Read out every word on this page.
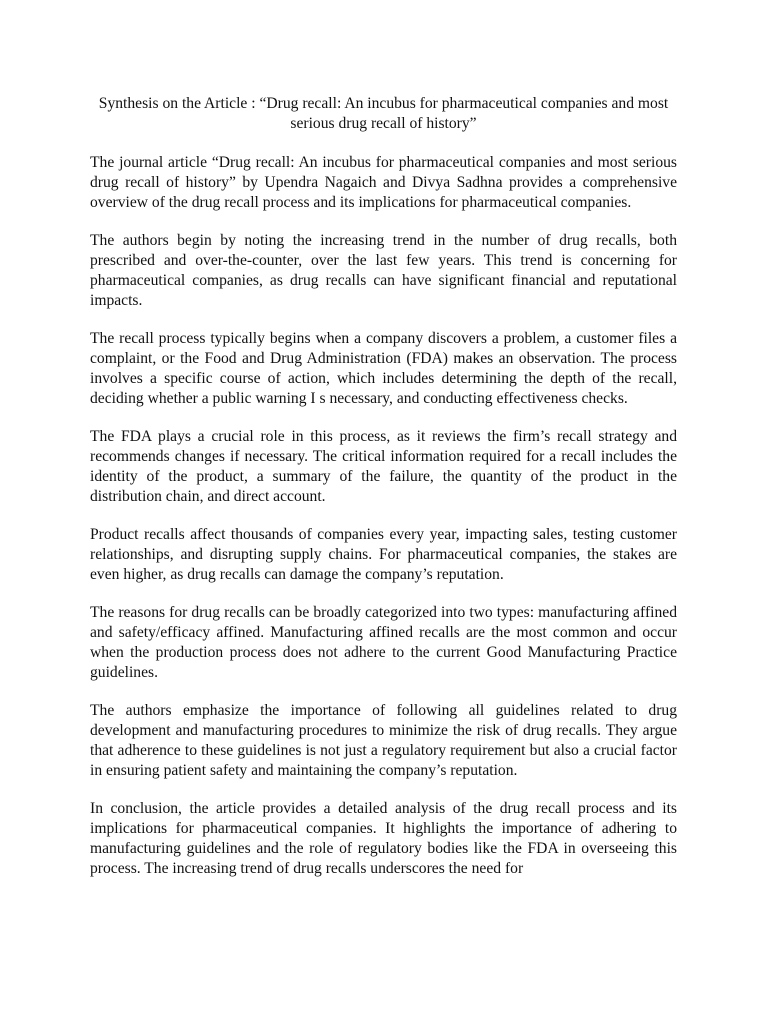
Synthesis on the Article : “Drug recall: An incubus for pharmaceutical companies and most serious drug recall of history”

The journal article “Drug recall: An incubus for pharmaceutical companies and most serious drug recall of history” by Upendra Nagaich and Divya Sadhna provides a comprehensive overview of the drug recall process and its implications for pharmaceutical companies.

The authors begin by noting the increasing trend in the number of drug recalls, both prescribed and over-the-counter, over the last few years. This trend is concerning for pharmaceutical companies, as drug recalls can have significant financial and reputational impacts.

The recall process typically begins when a company discovers a problem, a customer files a complaint, or the Food and Drug Administration (FDA) makes an observation. The process involves a specific course of action, which includes determining the depth of the recall, deciding whether a public warning I s necessary, and conducting effectiveness checks.

The FDA plays a crucial role in this process, as it reviews the firm’s recall strategy and recommends changes if necessary. The critical information required for a recall includes the identity of the product, a summary of the failure, the quantity of the product in the distribution chain, and direct account.

Product recalls affect thousands of companies every year, impacting sales, testing customer relationships, and disrupting supply chains. For pharmaceutical companies, the stakes are even higher, as drug recalls can damage the company’s reputation.

The reasons for drug recalls can be broadly categorized into two types: manufacturing affined and safety/efficacy affined. Manufacturing affined recalls are the most common and occur when the production process does not adhere to the current Good Manufacturing Practice guidelines.

The authors emphasize the importance of following all guidelines related to drug development and manufacturing procedures to minimize the risk of drug recalls. They argue that adherence to these guidelines is not just a regulatory requirement but also a crucial factor in ensuring patient safety and maintaining the company’s reputation.

In conclusion, the article provides a detailed analysis of the drug recall process and its implications for pharmaceutical companies. It highlights the importance of adhering to manufacturing guidelines and the role of regulatory bodies like the FDA in overseeing this process. The increasing trend of drug recalls underscores the need for
